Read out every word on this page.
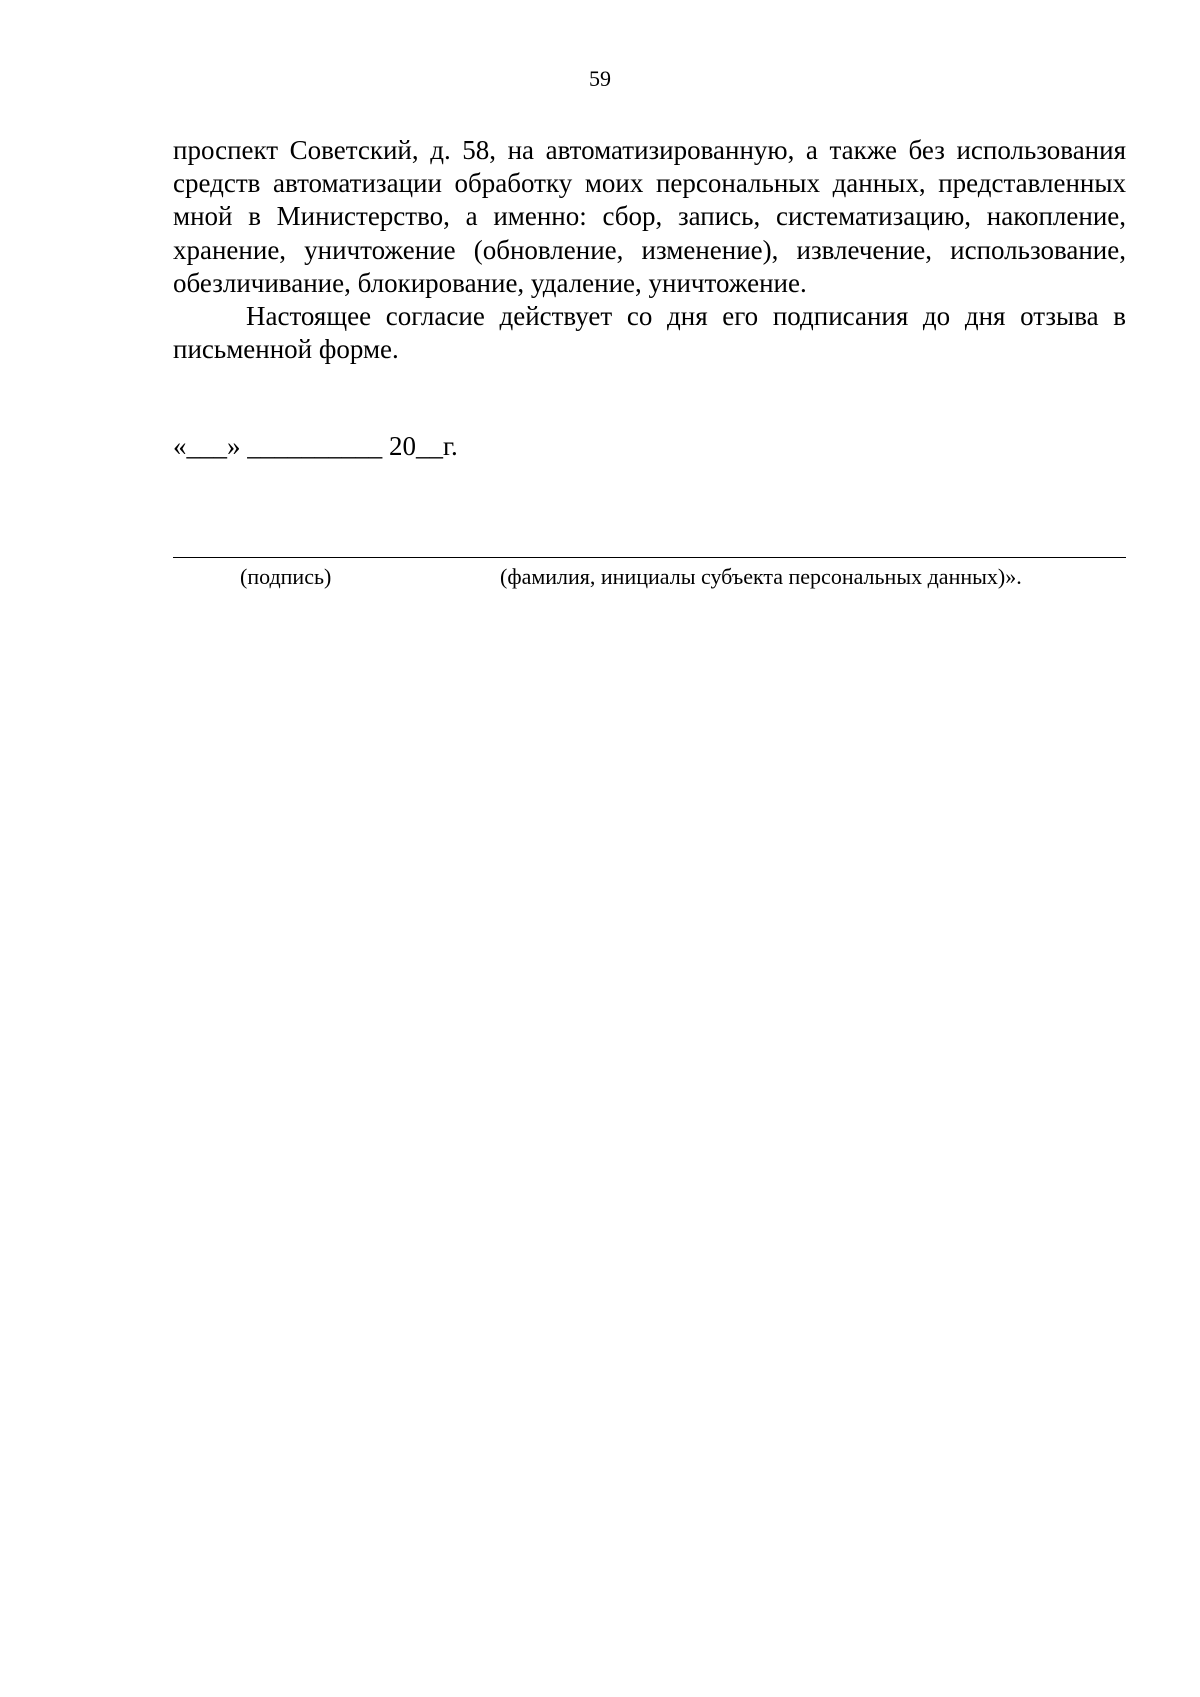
59

проспект Советский, д. 58, на автоматизированную, а также без использования средств автоматизации обработку моих персональных данных, представленных мной в Министерство, а именно: сбор, запись, систематизацию, накопление, хранение, уничтожение (обновление, изменение), извлечение, использование, обезличивание, блокирование, удаление, уничтожение.

Настоящее согласие действует со дня его подписания до дня отзыва в письменной форме.

«___» __________ 20__г.
(подпись)	(фамилия, инициалы субъекта персональных данных)».
